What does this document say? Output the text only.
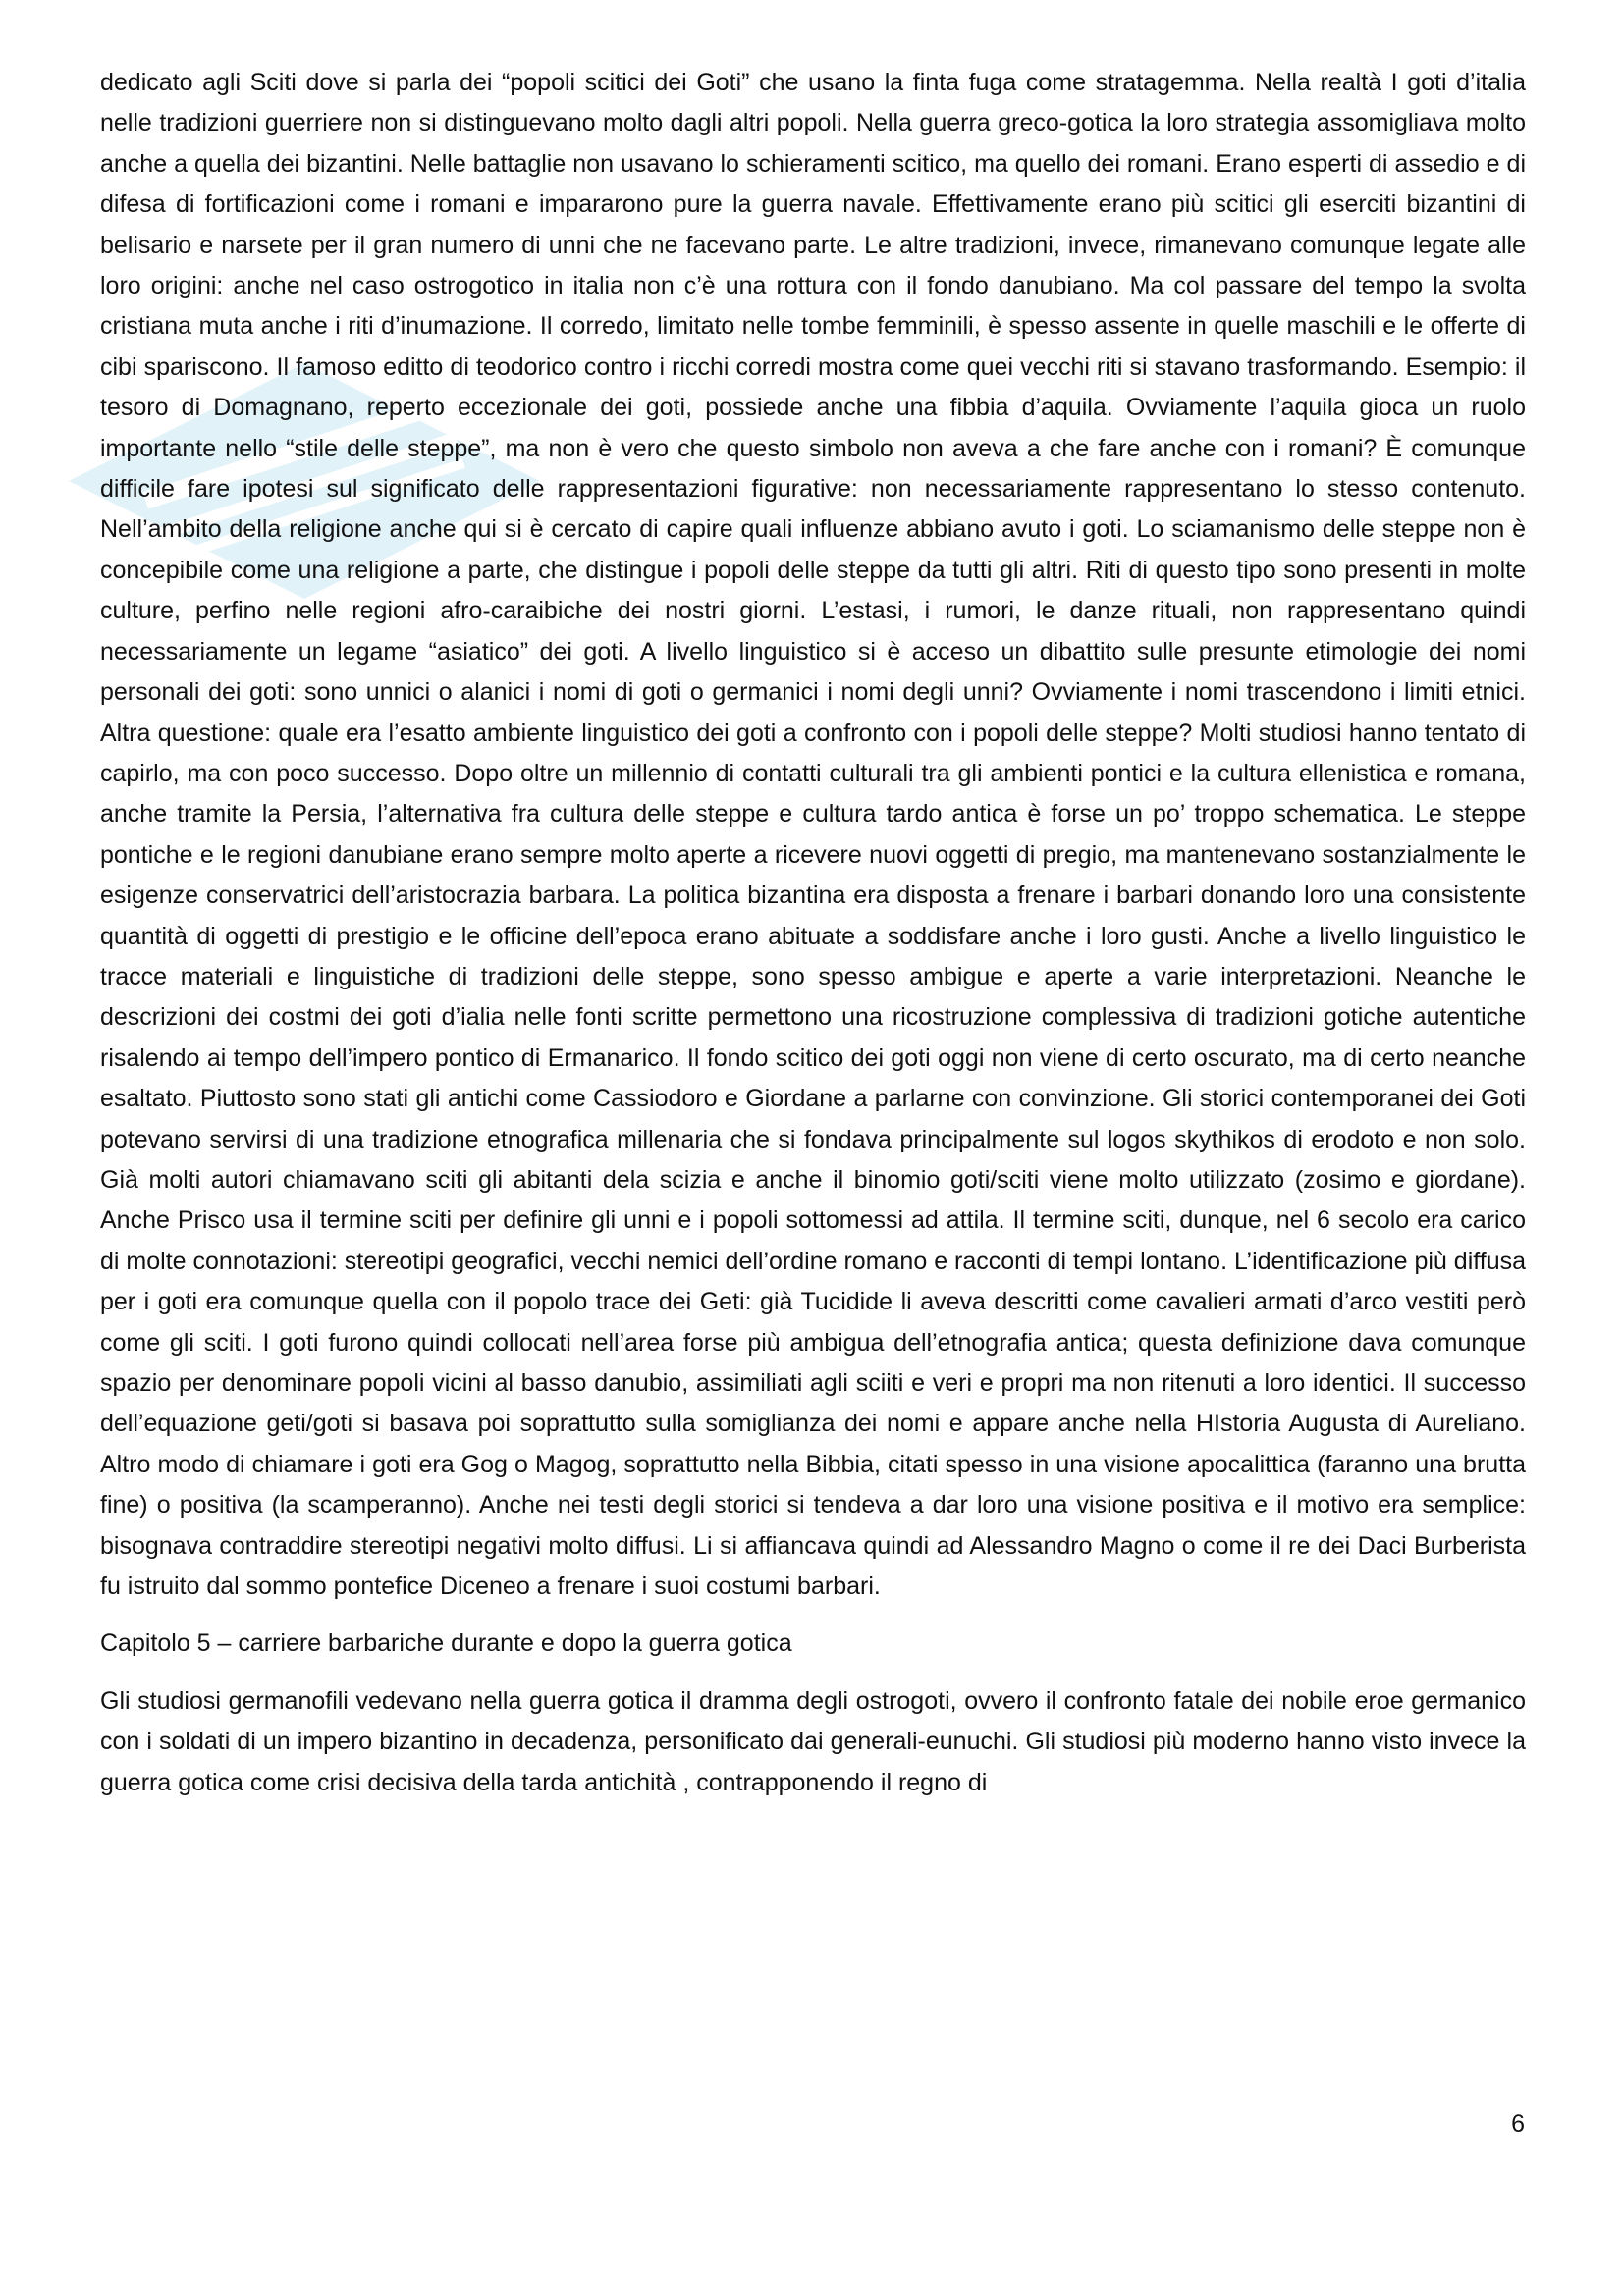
dedicato agli Sciti dove si parla dei “popoli scitici dei Goti” che usano la finta fuga come stratagemma. Nella realtà I goti d’italia nelle tradizioni guerriere non si distinguevano molto dagli altri popoli. Nella guerra greco-gotica la loro strategia assomigliava molto anche a quella dei bizantini. Nelle battaglie non usavano lo schieramenti scitico, ma quello dei romani. Erano esperti di assedio e di difesa di fortificazioni come i romani e impararono pure la guerra navale. Effettivamente erano più scitici gli eserciti bizantini di belisario e narsete per il gran numero di unni che ne facevano parte. Le altre tradizioni, invece, rimanevano comunque legate alle loro origini: anche nel caso ostrogotico in italia non c’è una rottura con il fondo danubiano. Ma col passare del tempo la svolta cristiana muta anche i riti d’inumazione. Il corredo, limitato nelle tombe femminili, è spesso assente in quelle maschili e le offerte di cibi spariscono. Il famoso editto di teodorico contro i ricchi corredi mostra come quei vecchi riti si stavano trasformando. Esempio: il tesoro di Domagnano, reperto eccezionale dei goti, possiede anche una fibbia d’aquila. Ovviamente l’aquila gioca un ruolo importante nello “stile delle steppe”, ma non è vero che questo simbolo non aveva a che fare anche con i romani? È comunque difficile fare ipotesi sul significato delle rappresentazioni figurative: non necessariamente rappresentano lo stesso contenuto. Nell’ambito della religione anche qui si è cercato di capire quali influenze abbiano avuto i goti. Lo sciamanismo delle steppe non è concepibile come una religione a parte, che distingue i popoli delle steppe da tutti gli altri. Riti di questo tipo sono presenti in molte culture, perfino nelle regioni afro-caraibiche dei nostri giorni. L’estasi, i rumori, le danze rituali, non rappresentano quindi necessariamente un legame “asiatico” dei goti. A livello linguistico si è acceso un dibattito sulle presunte etimologie dei nomi personali dei goti: sono unnici o alanici i nomi di goti o germanici i nomi degli unni? Ovviamente i nomi trascendono i limiti etnici. Altra questione: quale era l’esatto ambiente linguistico dei goti a confronto con i popoli delle steppe? Molti studiosi hanno tentato di capirlo, ma con poco successo. Dopo oltre un millennio di contatti culturali tra gli ambienti pontici e la cultura ellenistica e romana, anche tramite la Persia, l’alternativa fra cultura delle steppe e cultura tardo antica è forse un po’ troppo schematica. Le steppe pontiche e le regioni danubiane erano sempre molto aperte a ricevere nuovi oggetti di pregio, ma mantenevano sostanzialmente le esigenze conservatrici dell’aristocrazia barbara. La politica bizantina era disposta a frenare i barbari donando loro una consistente quantità di oggetti di prestigio e le officine dell’epoca erano abituate a soddisfare anche i loro gusti. Anche a livello linguistico le tracce materiali e linguistiche di tradizioni delle steppe, sono spesso ambigue e aperte a varie interpretazioni. Neanche le descrizioni dei costmi dei goti d’ialia nelle fonti scritte permettono una ricostruzione complessiva di tradizioni gotiche autentiche risalendo ai tempo dell’impero pontico di Ermanarico. Il fondo scitico dei goti oggi non viene di certo oscurato, ma di certo neanche esaltato. Piuttosto sono stati gli antichi come Cassiodoro e Giordane a parlarne con convinzione. Gli storici contemporanei dei Goti potevano servirsi di una tradizione etnografica millenaria che si fondava principalmente sul logos skythikos di erodoto e non solo. Già molti autori chiamavano sciti gli abitanti dela scizia e anche il binomio goti/sciti viene molto utilizzato (zosimo e giordane). Anche Prisco usa il termine sciti per definire gli unni e i popoli sottomessi ad attila. Il termine sciti, dunque, nel 6 secolo era carico di molte connotazioni: stereotipi geografici, vecchi nemici dell’ordine romano e racconti di tempi lontano. L’identificazione più diffusa per i goti era comunque quella con il popolo trace dei Geti: già Tucidide li aveva descritti come cavalieri armati d’arco vestiti però come gli sciti. I goti furono quindi collocati nell’area forse più ambigua dell’etnografia antica; questa definizione dava comunque spazio per denominare popoli vicini al basso danubio, assimiliati agli sciiti e veri e propri ma non ritenuti a loro identici. Il successo dell’equazione geti/goti si basava poi soprattutto sulla somiglianza dei nomi e appare anche nella HIstoria Augusta di Aureliano. Altro modo di chiamare i goti era Gog o Magog, soprattutto nella Bibbia, citati spesso in una visione apocalittica (faranno una brutta fine) o positiva (la scamperanno). Anche nei testi degli storici si tendeva a dar loro una visione positiva e il motivo era semplice: bisognava contraddire stereotipi negativi molto diffusi. Li si affiancava quindi ad Alessandro Magno o come il re dei Daci Burberista fu istruito dal sommo pontefice Diceneo a frenare i suoi costumi barbari.

Capitolo 5 – carriere barbariche durante e dopo la guerra gotica

Gli studiosi germanofili vedevano nella guerra gotica il dramma degli ostrogoti, ovvero il confronto fatale dei nobile eroe germanico con i soldati di un impero bizantino in decadenza, personificato dai generali-eunuchi. Gli studiosi più moderno hanno visto invece la guerra gotica come crisi decisiva della tarda antichità , contrapponendo il regno di

6
